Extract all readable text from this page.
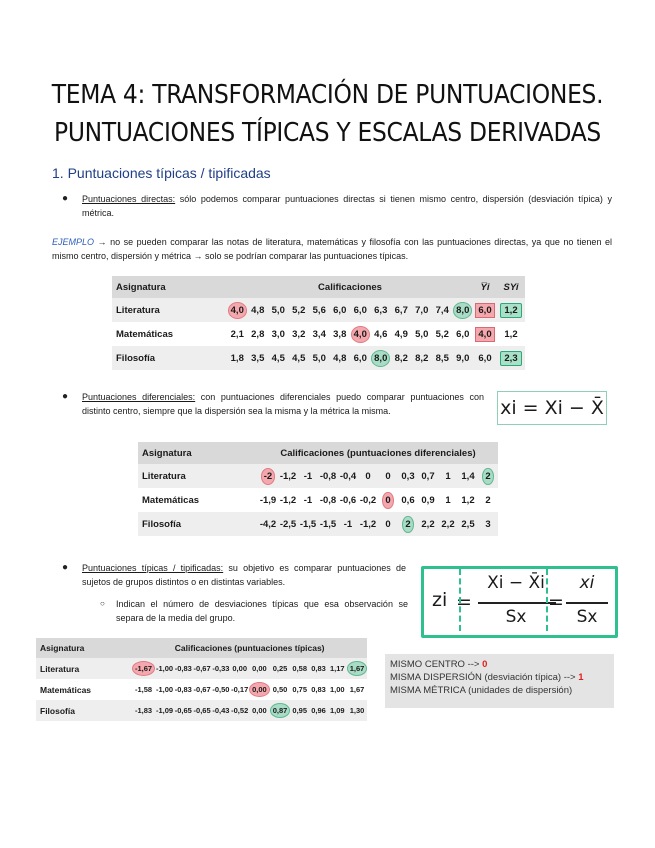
TEMA 4: TRANSFORMACIÓN DE PUNTUACIONES.
PUNTUACIONES TÍPICAS Y ESCALAS DERIVADAS
1. Puntuaciones típicas / tipificadas
●	Puntuaciones directas: sólo podemos comparar puntuaciones directas si tienen mismo centro, dispersión (desviación típica) y métrica.
EJEMPLO → no se pueden comparar las notas de literatura, matemáticas y filosofía con las puntuaciones directas, ya que no tienen el mismo centro, dispersión y métrica → solo se podrían comparar las puntuaciones típicas.
Asignatura	Calificaciones												Y̅i	SYi
Literatura	4,0	4,8	5,0	5,2	5,6	6,0	6,0	6,3	6,7	7,0	7,4	8,0	6,0	1,2
Matemáticas	2,1	2,8	3,0	3,2	3,4	3,8	4,0	4,6	4,9	5,0	5,2	6,0	4,0	1,2
Filosofía	1,8	3,5	4,5	4,5	5,0	4,8	6,0	8,0	8,2	8,2	8,5	9,0	6,0	2,3
●	Puntuaciones diferenciales: con puntuaciones diferenciales puedo comparar puntuaciones con distinto centro, siempre que la dispersión sea la misma y la métrica la misma.	xi = Xi − X̄
Asignatura	Calificaciones (puntuaciones diferenciales)											
Literatura	-2	-1,2	-1	-0,8	-0,4	0	0	0,3	0,7	1	1,4	2
Matemáticas	-1,9	-1,2	-1	-0,8	-0,6	-0,2	0	0,6	0,9	1	1,2	2
Filosofía	-4,2	-2,5	-1,5	-1,5	-1	-1,2	0	2	2,2	2,2	2,5	3
●	Puntuaciones típicas / tipificadas: su objetivo es comparar puntuaciones de sujetos de grupos distintos o en distintas variables.
○	Indican el número de desviaciones típicas que esa observación se separa de la media del grupo.
zi =
Xi − X̄i
Sx
=
xi
Sx
Asignatura	Calificaciones (puntuaciones típicas)											
Literatura	-1,67	-1,00	-0,83	-0,67	-0,33	0,00	0,00	0,25	0,58	0,83	1,17	1,67
Matemáticas	-1,58	-1,00	-0,83	-0,67	-0,50	-0,17	0,00	0,50	0,75	0,83	1,00	1,67
Filosofía	-1,83	-1,09	-0,65	-0,65	-0,43	-0,52	0,00	0,87	0,95	0,96	1,09	1,30
MISMO CENTRO --> 0
MISMA DISPERSIÓN (desviación típica) --> 1
MISMA MÉTRICA (unidades de dispersión)
